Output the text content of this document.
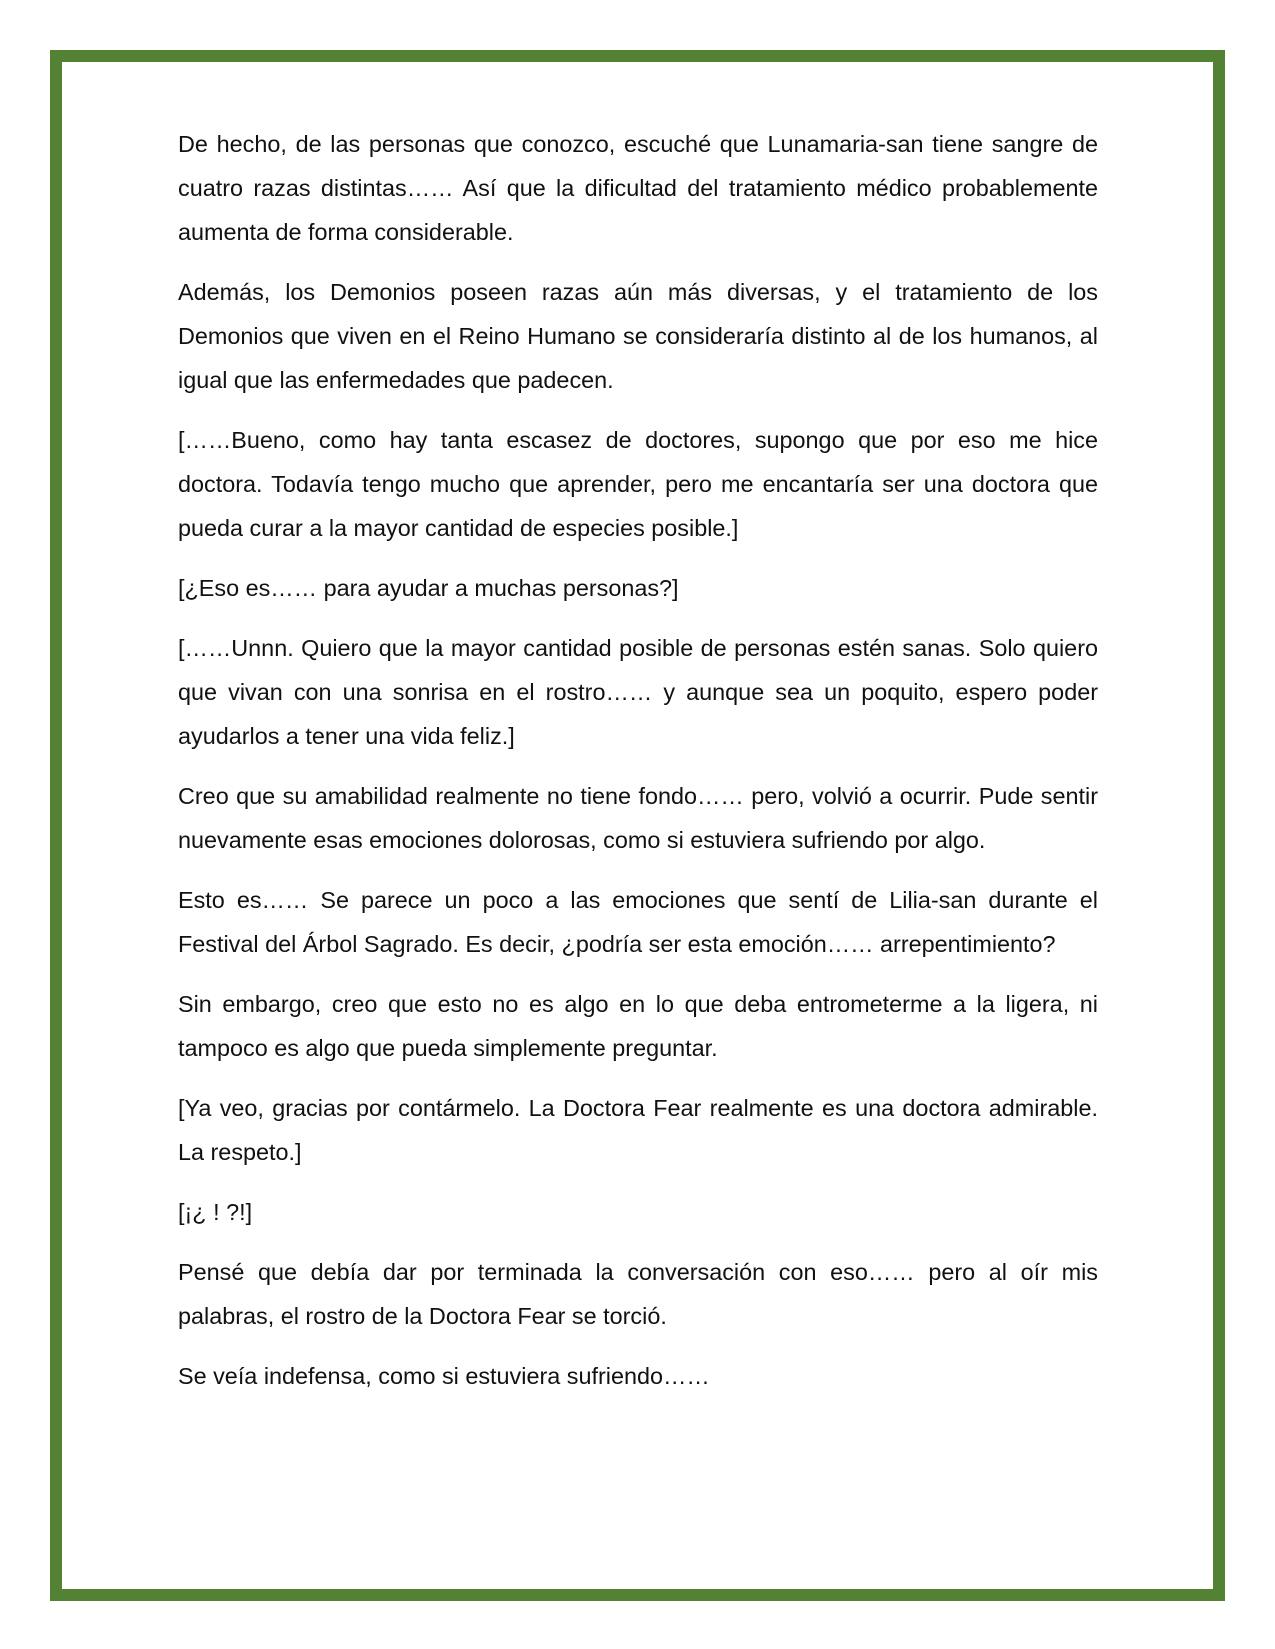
De hecho, de las personas que conozco, escuché que Lunamaria-san tiene sangre de cuatro razas distintas…… Así que la dificultad del tratamiento médico probablemente aumenta de forma considerable.

Además, los Demonios poseen razas aún más diversas, y el tratamiento de los Demonios que viven en el Reino Humano se consideraría distinto al de los humanos, al igual que las enfermedades que padecen.

[……Bueno, como hay tanta escasez de doctores, supongo que por eso me hice doctora. Todavía tengo mucho que aprender, pero me encantaría ser una doctora que pueda curar a la mayor cantidad de especies posible.]

[¿Eso es…… para ayudar a muchas personas?]

[……Unnn. Quiero que la mayor cantidad posible de personas estén sanas. Solo quiero que vivan con una sonrisa en el rostro…… y aunque sea un poquito, espero poder ayudarlos a tener una vida feliz.]

Creo que su amabilidad realmente no tiene fondo…… pero, volvió a ocurrir. Pude sentir nuevamente esas emociones dolorosas, como si estuviera sufriendo por algo.

Esto es…… Se parece un poco a las emociones que sentí de Lilia-san durante el Festival del Árbol Sagrado. Es decir, ¿podría ser esta emoción…… arrepentimiento?

Sin embargo, creo que esto no es algo en lo que deba entrometerme a la ligera, ni tampoco es algo que pueda simplemente preguntar.

[Ya veo, gracias por contármelo. La Doctora Fear realmente es una doctora admirable. La respeto.]

[¡¿ ! ?!]

Pensé que debía dar por terminada la conversación con eso…… pero al oír mis palabras, el rostro de la Doctora Fear se torció.

Se veía indefensa, como si estuviera sufriendo……
